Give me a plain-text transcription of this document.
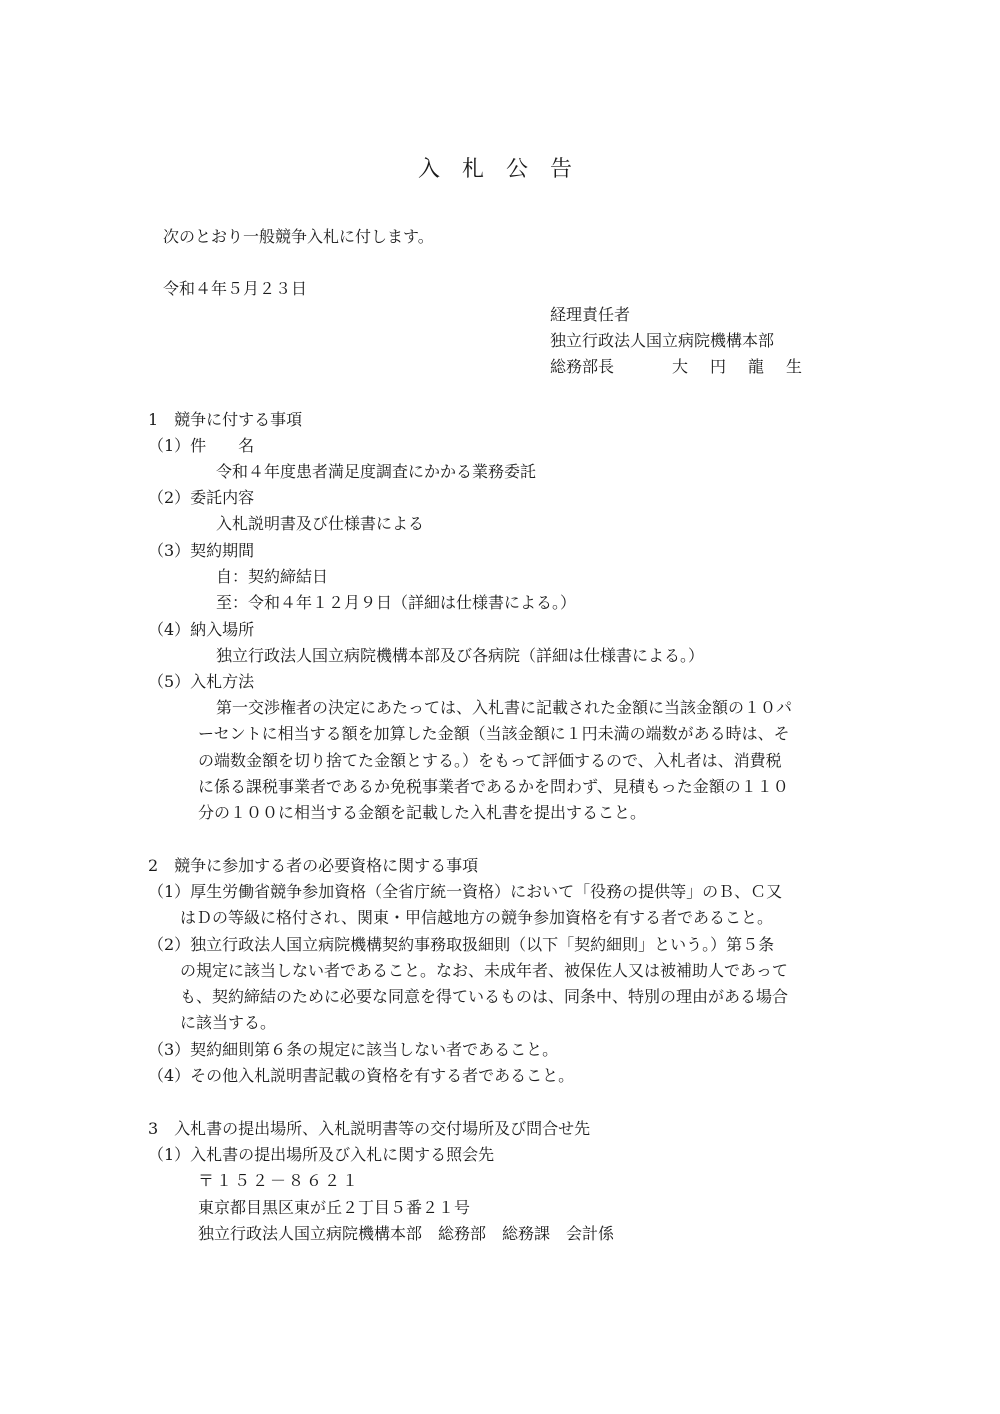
入 札 公 告
次のとおり一般競争入札に付します。
令和４年５月２３日
経理責任者
独立行政法人国立病院機構本部
総務部長	大　円　龍　生
1　競争に付する事項
（1）件　　名
令和４年度患者満足度調査にかかる業務委託
（2）委託内容
入札説明書及び仕様書による
（3）契約期間
自：契約締結日
至：令和４年１２月９日（詳細は仕様書による。）
（4）納入場所
独立行政法人国立病院機構本部及び各病院（詳細は仕様書による。）
（5）入札方法
第一交渉権者の決定にあたっては、入札書に記載された金額に当該金額の１０パ
ーセントに相当する額を加算した金額（当該金額に１円未満の端数がある時は、そ
の端数金額を切り捨てた金額とする。）をもって評価するので、入札者は、消費税
に係る課税事業者であるか免税事業者であるかを問わず、見積もった金額の１１０
分の１００に相当する金額を記載した入札書を提出すること。
2　競争に参加する者の必要資格に関する事項
（1）厚生労働省競争参加資格（全省庁統一資格）において「役務の提供等」のＢ、Ｃ又
はＤの等級に格付され、関東・甲信越地方の競争参加資格を有する者であること。
（2）独立行政法人国立病院機構契約事務取扱細則（以下「契約細則」という。）第５条
の規定に該当しない者であること。なお、未成年者、被保佐人又は被補助人であって
も、契約締結のために必要な同意を得ているものは、同条中、特別の理由がある場合
に該当する。
（3）契約細則第６条の規定に該当しない者であること。
（4）その他入札説明書記載の資格を有する者であること。
3　入札書の提出場所、入札説明書等の交付場所及び問合せ先
（1）入札書の提出場所及び入札に関する照会先
〒１５２－８６２１
東京都目黒区東が丘２丁目５番２１号
独立行政法人国立病院機構本部　総務部　総務課　会計係
